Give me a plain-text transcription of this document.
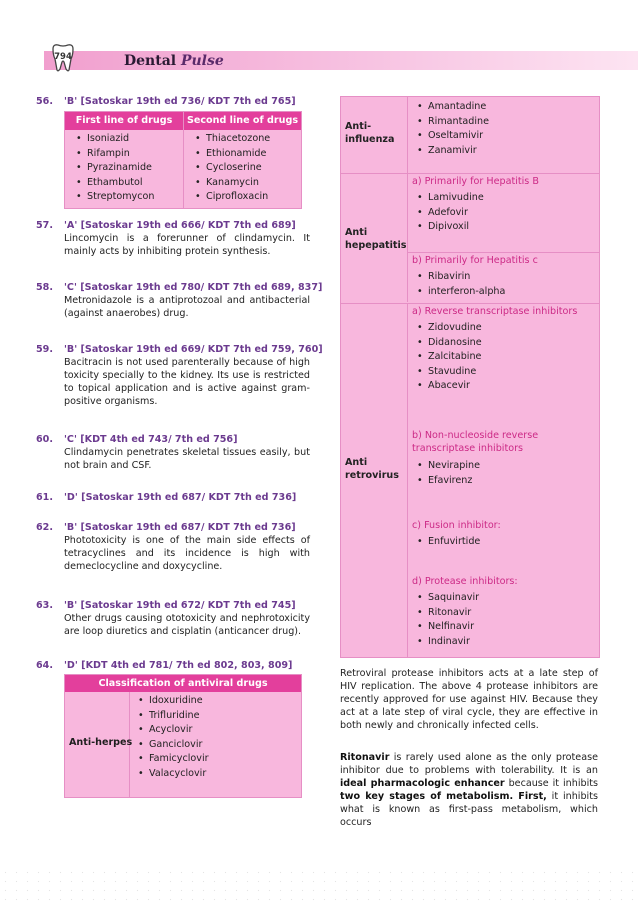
794	Dental Pulse
56. 'B' [Satoskar 19th ed 736/ KDT 7th ed 765]
First line of drugs	Second line of drugs
• Isoniazid
• Rifampin
• Pyrazinamide
• Ethambutol
• Streptomycon
• Thiacetozone
• Ethionamide
• Cycloserine
• Kanamycin
• Ciprofloxacin
57. 'A' [Satoskar 19th ed 666/ KDT 7th ed 689]
Lincomycin is a forerunner of clindamycin. It mainly acts by inhibiting protein synthesis.
58. 'C' [Satoskar 19th ed 780/ KDT 7th ed 689, 837]
Metronidazole is a antiprotozoal and antibacterial (against anaerobes) drug.
59. 'B' [Satoskar 19th ed 669/ KDT 7th ed 759, 760]
Bacitracin is not used parenterally because of high toxicity specially to the kidney. Its use is restricted to topical application and is active against gram-positive organisms.
60. 'C' [KDT 4th ed 743/ 7th ed 756]
Clindamycin penetrates skeletal tissues easily, but not brain and CSF.
61. 'D' [Satoskar 19th ed 687/ KDT 7th ed 736]
62. 'B' [Satoskar 19th ed 687/ KDT 7th ed 736]
Phototoxicity is one of the main side effects of tetracyclines and its incidence is high with demeclocycline and doxycycline.
63. 'B' [Satoskar 19th ed 672/ KDT 7th ed 745]
Other drugs causing ototoxicity and nephrotoxicity are loop diuretics and cisplatin (anticancer drug).
64. 'D' [KDT 4th ed 781/ 7th ed 802, 803, 809]
Classification of antiviral drugs
Anti-herpes
• Idoxuridine
• Trifluridine
• Acyclovir
• Ganciclovir
• Famicyclovir
• Valacyclovir
Anti- influenza
• Amantadine
• Rimantadine
• Oseltamivir
• Zanamivir
Anti hepepatitis
a) Primarily for Hepatitis B
• Lamivudine
• Adefovir
• Dipivoxil
b) Primarily for Hepatitis c
• Ribavirin
• interferon-alpha
Anti retrovirus
a) Reverse transcriptase inhibitors
• Zidovudine
• Didanosine
• Zalcitabine
• Stavudine
• Abacevir
b) Non-nucleoside reverse transcriptase inhibitors
• Nevirapine
• Efavirenz
c) Fusion inhibitor:
• Enfuvirtide
d) Protease inhibitors:
• Saquinavir
• Ritonavir
• Nelfinavir
• Indinavir
Retroviral protease inhibitors acts at a late step of HIV replication. The above 4 protease inhibitors are recently approved for use against HIV. Because they act at a late step of viral cycle, they are effective in both newly and chronically infected cells.
Ritonavir is rarely used alone as the only protease inhibitor due to problems with tolerability. It is an ideal pharmacologic enhancer because it inhibits two key stages of metabolism. First, it inhibits what is known as first-pass metabolism, which occurs
